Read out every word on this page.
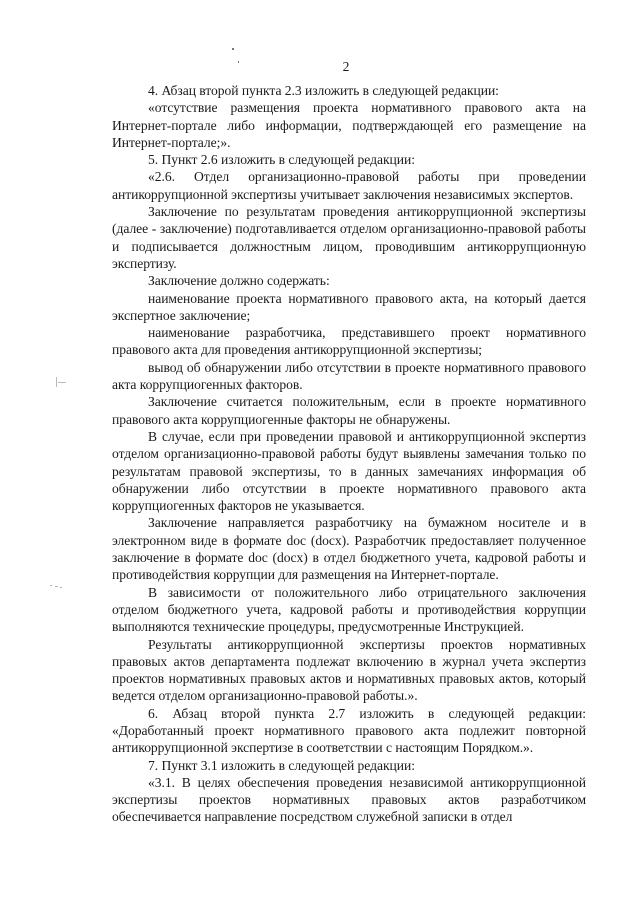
2

4. Абзац второй пункта 2.3 изложить в следующей редакции:

«отсутствие размещения проекта нормативного правового акта на Интернет-портале либо информации, подтверждающей его размещение на Интернет-портале;».

5. Пункт 2.6 изложить в следующей редакции:

«2.6. Отдел организационно-правовой работы при проведении антикоррупционной экспертизы учитывает заключения независимых экспертов.

Заключение по результатам проведения антикоррупционной экспертизы (далее - заключение) подготавливается отделом организационно-правовой работы и подписывается должностным лицом, проводившим антикоррупционную экспертизу.

Заключение должно содержать:

наименование проекта нормативного правового акта, на который дается экспертное заключение;

наименование разработчика, представившего проект нормативного правового акта для проведения антикоррупционной экспертизы;

вывод об обнаружении либо отсутствии в проекте нормативного правового акта коррупциогенных факторов.

Заключение считается положительным, если в проекте нормативного правового акта коррупциогенные факторы не обнаружены.

В случае, если при проведении правовой и антикоррупционной экспертиз отделом организационно-правовой работы будут выявлены замечания только по результатам правовой экспертизы, то в данных замечаниях информация об обнаружении либо отсутствии в проекте нормативного правового акта коррупциогенных факторов не указывается.

Заключение направляется разработчику на бумажном носителе и в электронном виде в формате doc (docx). Разработчик предоставляет полученное заключение в формате doc (docx) в отдел бюджетного учета, кадровой работы и противодействия коррупции для размещения на Интернет-портале.

В зависимости от положительного либо отрицательного заключения отделом бюджетного учета, кадровой работы и противодействия коррупции выполняются технические процедуры, предусмотренные Инструкцией.

Результаты антикоррупционной экспертизы проектов нормативных правовых актов департамента подлежат включению в журнал учета экспертиз проектов нормативных правовых актов и нормативных правовых актов, который ведется отделом организационно-правовой работы.».

6. Абзац второй пункта 2.7 изложить в следующей редакции: «Доработанный проект нормативного правового акта подлежит повторной антикоррупционной экспертизе в соответствии с настоящим Порядком.».

7. Пункт 3.1 изложить в следующей редакции:

«3.1. В целях обеспечения проведения независимой антикоррупционной экспертизы проектов нормативных правовых актов разработчиком обеспечивается направление посредством служебной записки в отдел
